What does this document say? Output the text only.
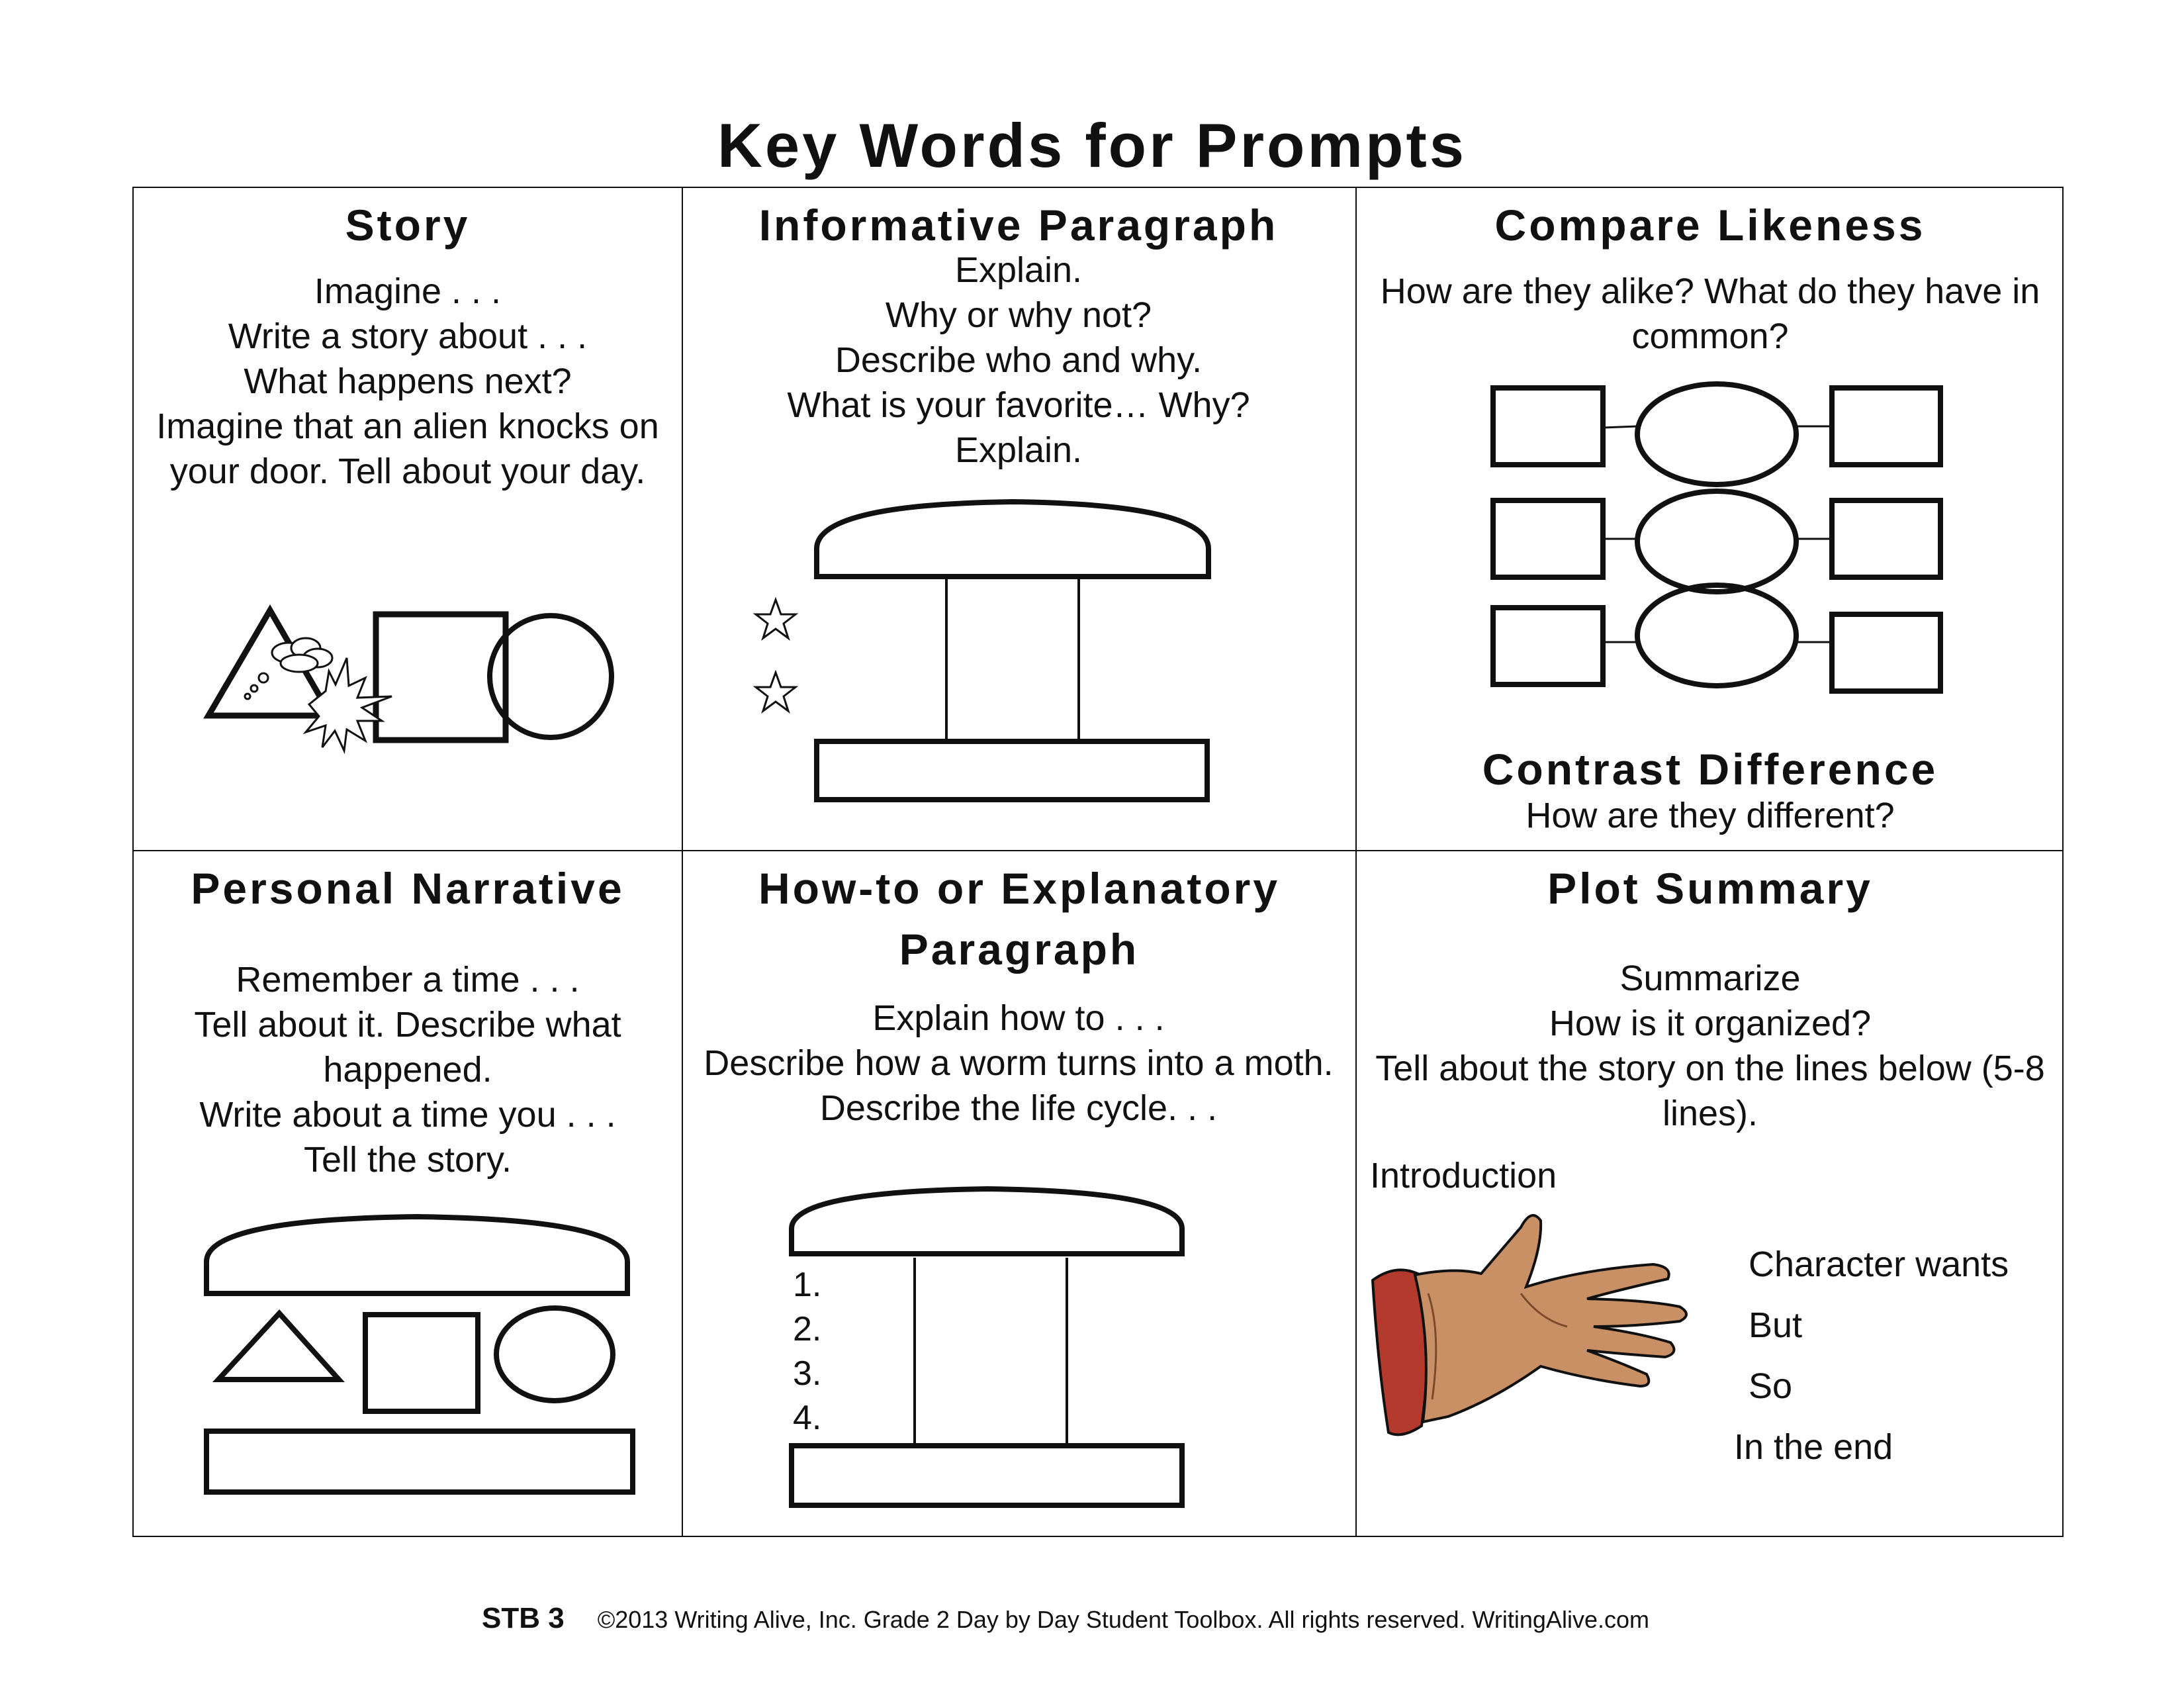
Key Words for Prompts
Story
Imagine . . .
Write a story about . . .
What happens next?
Imagine that an alien knocks on your door. Tell about your day.
Informative Paragraph
Explain.
Why or why not?
Describe who and why.
What is your favorite… Why?
Explain.
Compare Likeness
How are they alike? What do they have in common?
Contrast Difference
How are they different?
Personal Narrative
Remember a time . . .
Tell about it. Describe what happened.
Write about a time you . . .
Tell the story.
How-to or Explanatory Paragraph
Explain how to . . .
Describe how a worm turns into a moth.
Describe the life cycle. . .
1.
2.
3.
4.
Plot Summary
Summarize
How is it organized?
Tell about the story on the lines below (5-8 lines).
Introduction
Character wants
But
So
In the end
STB 3 ©2013 Writing Alive, Inc. Grade 2 Day by Day Student Toolbox. All rights reserved. WritingAlive.com
